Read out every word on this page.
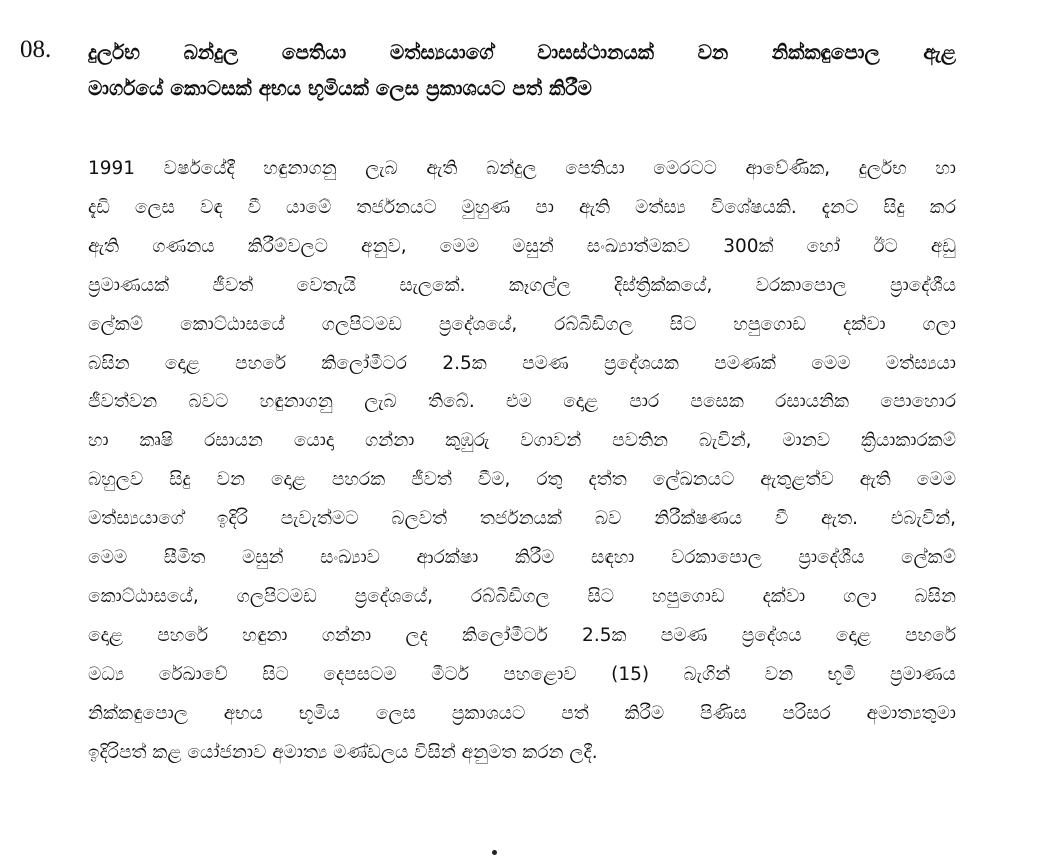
08. දුර්ලභ බන්දුල පෙතියා මත්ස්‍යයාගේ වාසස්ථානයක් වන නික්කඳුපොල ඇළ
මාර්ගයේ කොටසක් අභය භූමියක් ලෙස ප්‍රකාශයට පත් කිරීම
1991 වර්ෂයේදී හඳුනාගනු ලැබ ඇති බන්දුල පෙතියා මෙරටට ආවේණික, දුර්ලභ හා
දැඩි ලෙස වඳ වී යාමේ තර්ජනයට මුහුණ පා ඇති මත්ස්‍ය විශේෂයකි. දැනට සිදු කර
ඇති ගණනය කිරීම්වලට අනුව, මෙම මසුන් සංඛ්‍යාත්මකව 300ක් හෝ ඊට අඩු
ප්‍රමාණයක් ජීවත් වෙතැයි සැලකේ. කෑගල්ල දිස්ත්‍රික්කයේ, වරකාපොල ප්‍රාදේශීය
ලේකම් කොට්ඨාසයේ ගලපිටමඩ ප්‍රදේශයේ, රබ්බිඩිගල සිට හපුගොඩ දක්වා ගලා
බසින දොළ පහරේ කිලෝමීටර 2.5ක පමණ ප්‍රදේශයක පමණක් මෙම මත්ස්‍යයා
ජීවත්වන බවට හඳුනාගනු ලැබ තිබේ. එම දොළ පාර පසෙක රසායනික පොහොර
හා කෘෂි රසායන යොදා ගන්නා කුඹුරු වගාවන් පවතින බැවින්, මානව ක්‍රියාකාරකම්
බහුලව සිදු වන දොළ පහරක ජීවත් වීම, රතු දත්ත ලේඛනයට ඇතුළත්ව ඇති මෙම
මත්ස්‍යයාගේ ඉදිරි පැවැත්මට බලවත් තර්ජනයක් බව නිරීක්ෂණය වී ඇත. එබැවින්,
මෙම සීමිත මසුන් සංඛ්‍යාව ආරක්ෂා කිරීම සඳහා වරකාපොල ප්‍රාදේශීය ලේකම්
කොට්ඨාසයේ, ගලපිටමඩ ප්‍රදේශයේ, රබ්බිඩිගල සිට හපුගොඩ දක්වා ගලා බසින
දොළ පහරේ හඳුනා ගන්නා ලද කිලෝමීටර් 2.5ක පමණ ප්‍රදේශය දොළ පහරේ
මධ්‍ය රේඛාවේ සිට දෙපසටම මීටර් පහළොව (15) බැගින් වන භූමි ප්‍රමාණය
නික්කඳුපොල අභය භූමිය ලෙස ප්‍රකාශයට පත් කිරීම පිණිස පරිසර අමාත්‍යතුමා
ඉදිරිපත් කළ යෝජනාව අමාත්‍ය මණ්ඩලය විසින් අනුමත කරන ලදී.
